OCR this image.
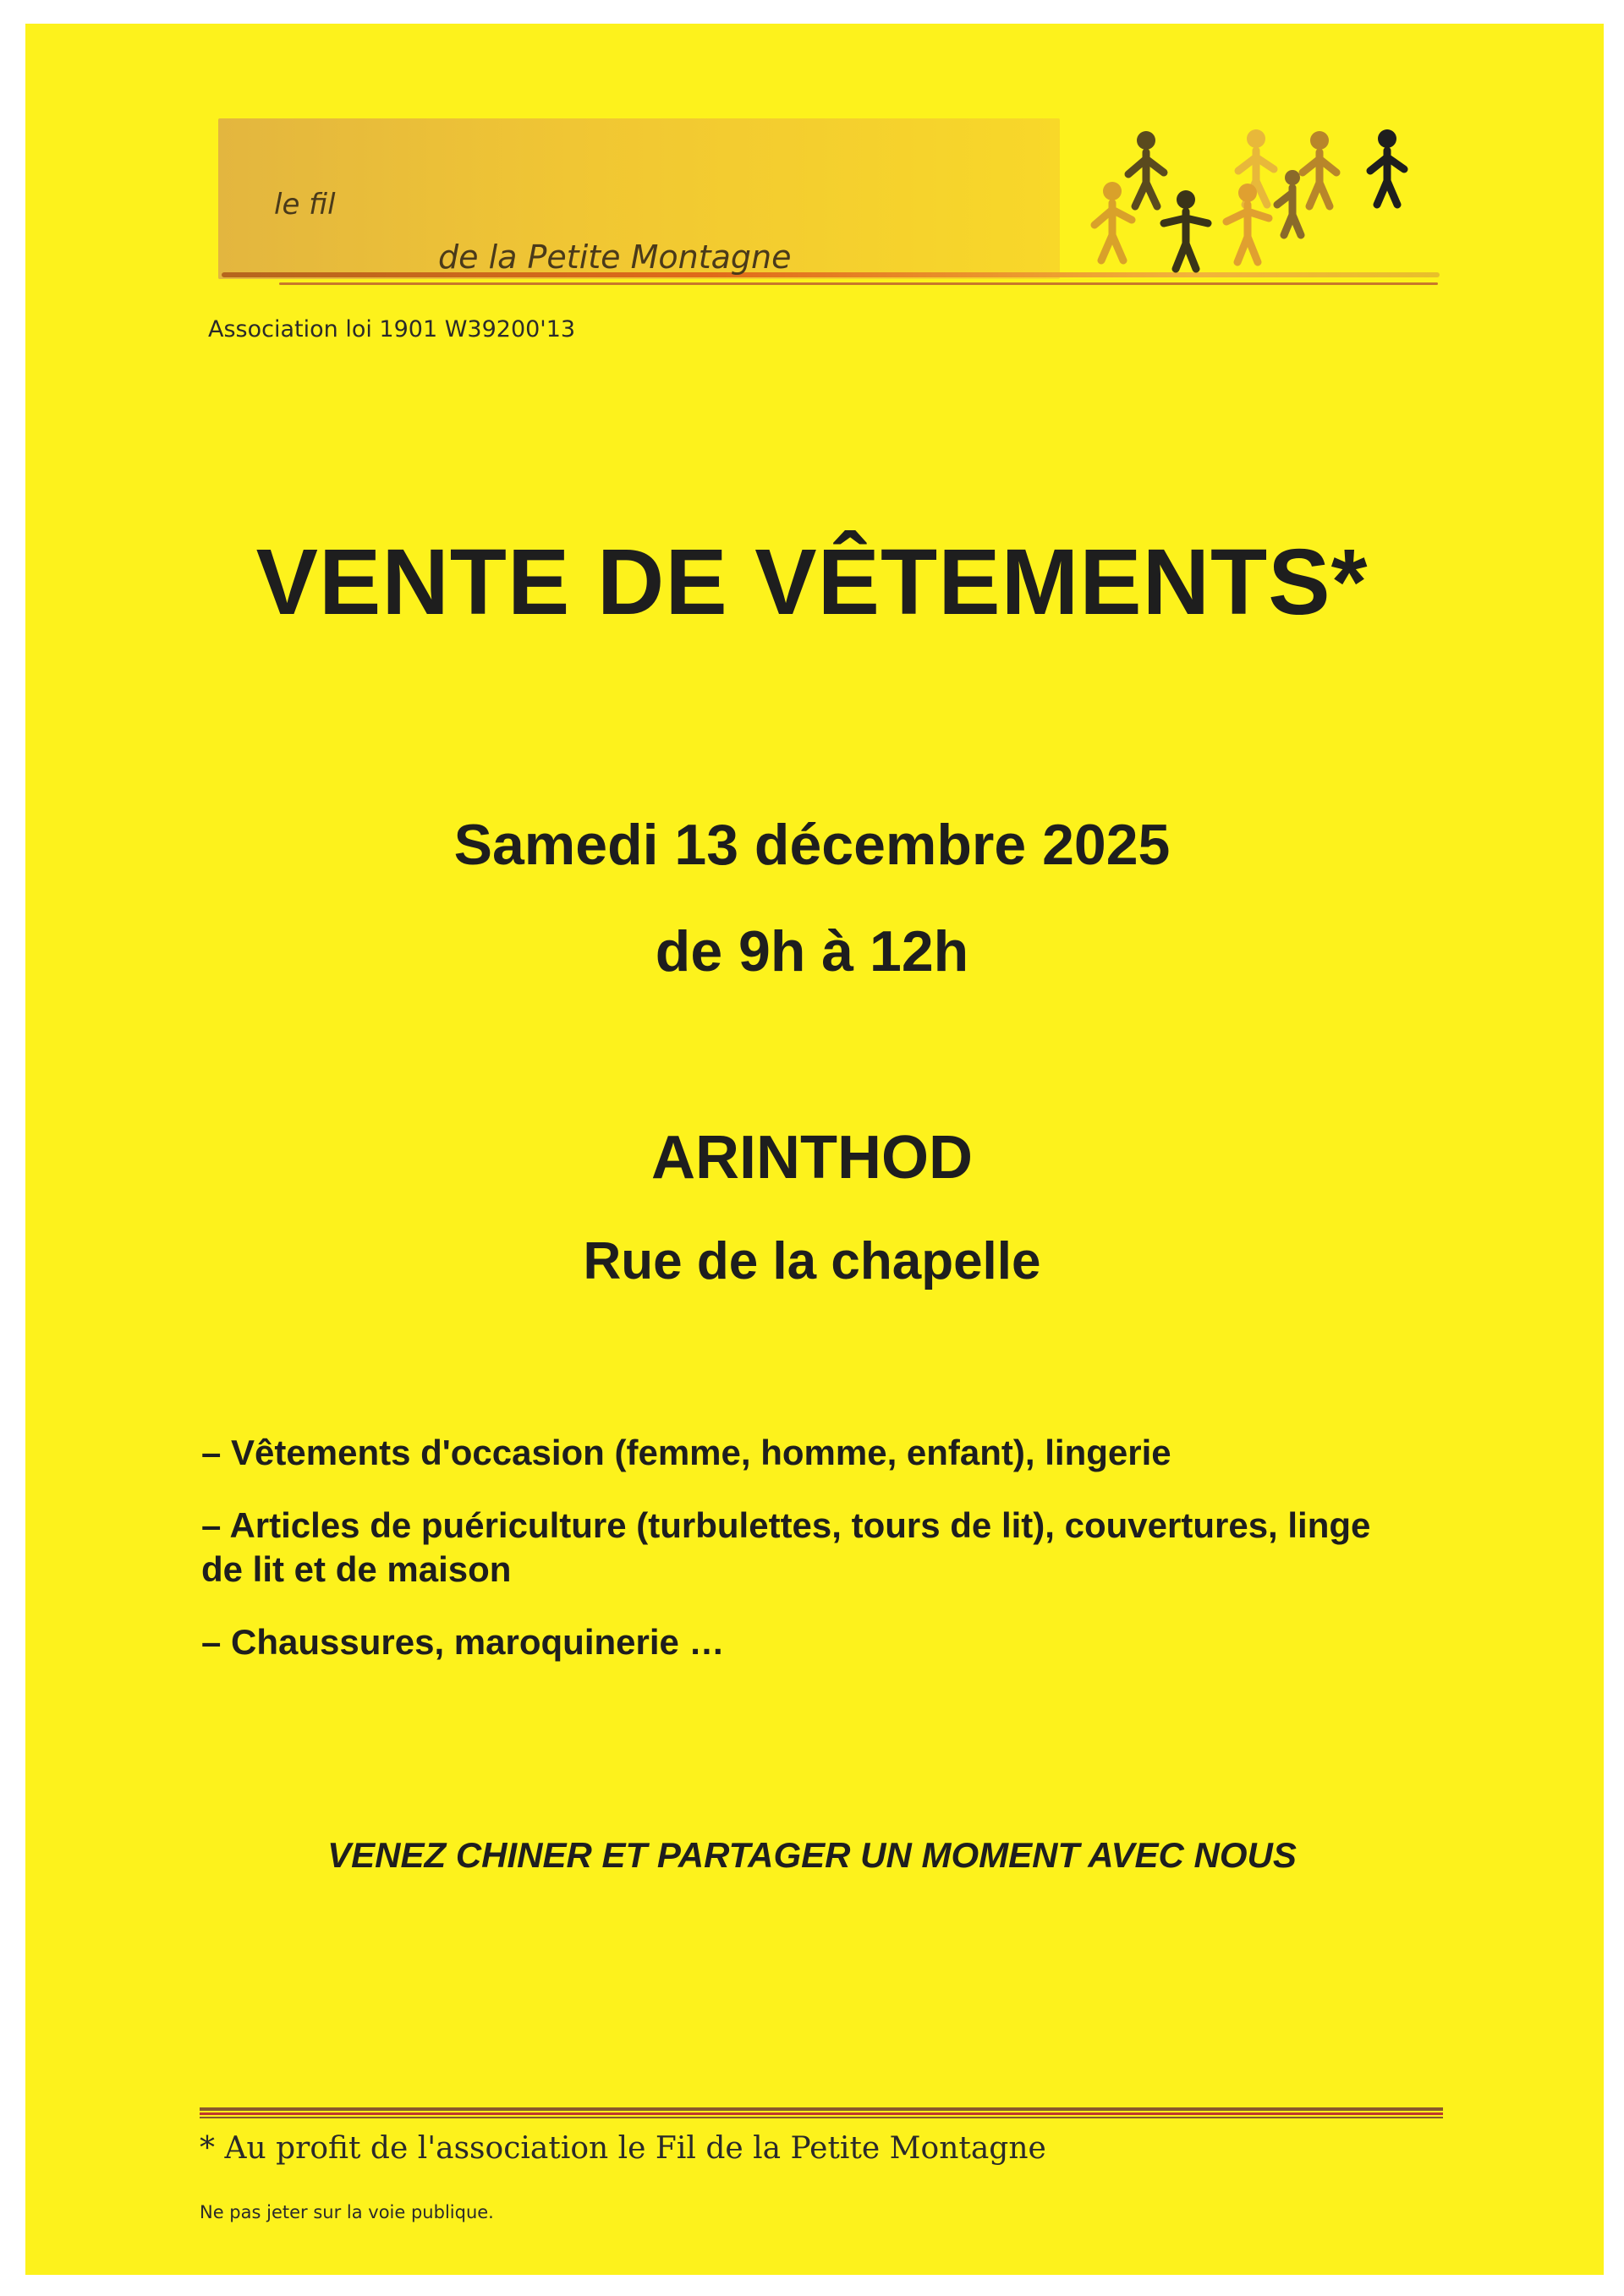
le fil
de la Petite Montagne
Association loi 1901 W39200'13
VENTE DE VÊTEMENTS*
Samedi 13 décembre 2025
de 9h à 12h
ARINTHOD
Rue de la chapelle
– Vêtements d'occasion (femme, homme, enfant), lingerie
– Articles de puériculture (turbulettes, tours de lit), couvertures, linge de lit et de maison
– Chaussures, maroquinerie …
VENEZ CHINER ET PARTAGER UN MOMENT AVEC NOUS
* Au profit de l'association le Fil de la Petite Montagne
Ne pas jeter sur la voie publique.
